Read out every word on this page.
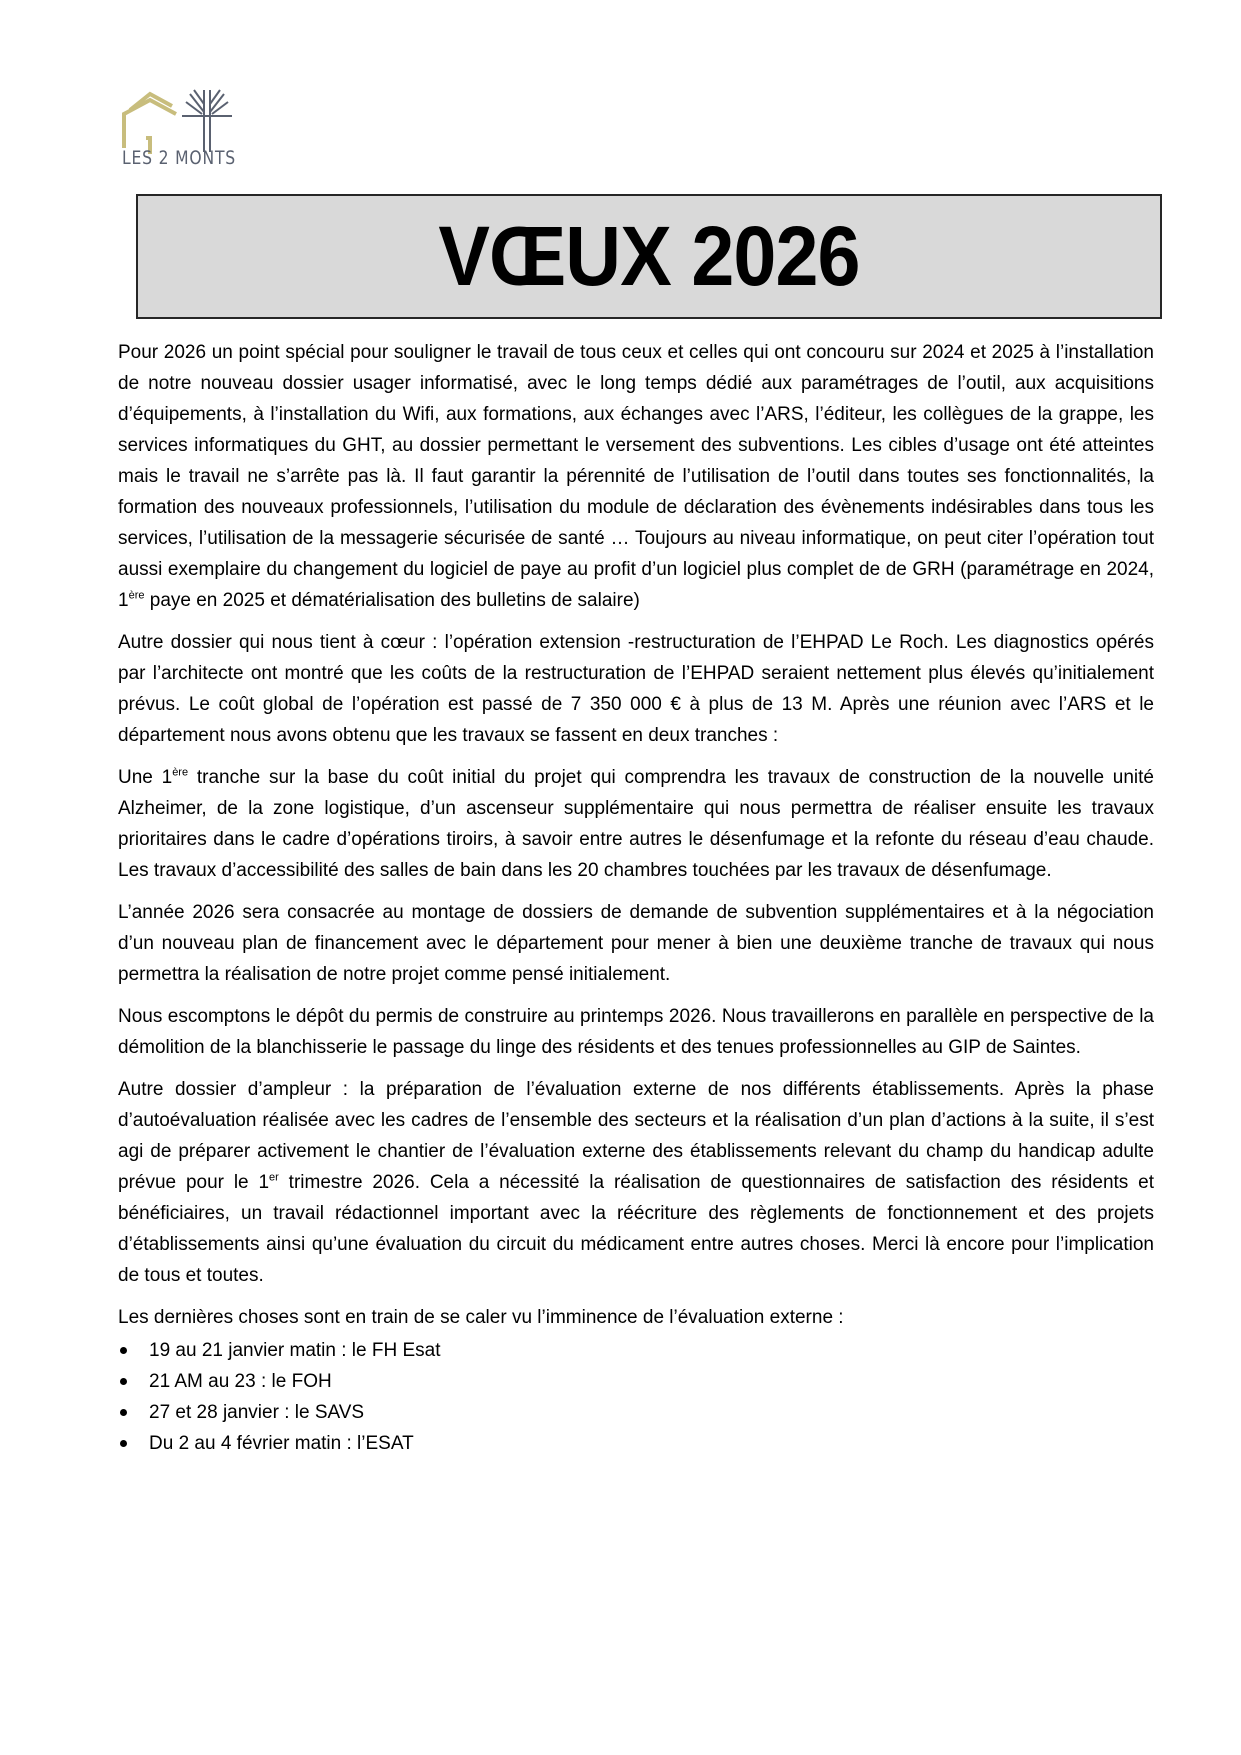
LES 2 MONTS
VŒUX 2026

Pour 2026 un point spécial pour souligner le travail de tous ceux et celles qui ont concouru sur 2024 et 2025 à l’installation de notre nouveau dossier usager informatisé, avec le long temps dédié aux paramétrages de l’outil, aux acquisitions d’équipements, à l’installation du Wifi, aux formations, aux échanges avec l’ARS, l’éditeur, les collègues de la grappe, les services informatiques du GHT, au dossier permettant le versement des subventions. Les cibles d’usage ont été atteintes mais le travail ne s’arrête pas là. Il faut garantir la pérennité de l’utilisation de l’outil dans toutes ses fonctionnalités, la formation des nouveaux professionnels, l’utilisation du module de déclaration des évènements indésirables dans tous les services, l’utilisation de la messagerie sécurisée de santé … Toujours au niveau informatique, on peut citer l’opération tout aussi exemplaire du changement du logiciel de paye au profit d’un logiciel plus complet de de GRH (paramétrage en 2024, 1ère paye en 2025 et dématérialisation des bulletins de salaire)

Autre dossier qui nous tient à cœur : l’opération extension -restructuration de l’EHPAD Le Roch. Les diagnostics opérés par l’architecte ont montré que les coûts de la restructuration de l’EHPAD seraient nettement plus élevés qu’initialement prévus. Le coût global de l’opération est passé de 7 350 000 € à plus de 13 M. Après une réunion avec l’ARS et le département nous avons obtenu que les travaux se fassent en deux tranches :

Une 1ère tranche sur la base du coût initial du projet qui comprendra les travaux de construction de la nouvelle unité Alzheimer, de la zone logistique, d’un ascenseur supplémentaire qui nous permettra de réaliser ensuite les travaux prioritaires dans le cadre d’opérations tiroirs, à savoir entre autres le désenfumage et la refonte du réseau d’eau chaude. Les travaux d’accessibilité des salles de bain dans les 20 chambres touchées par les travaux de désenfumage.

L’année 2026 sera consacrée au montage de dossiers de demande de subvention supplémentaires et à la négociation d’un nouveau plan de financement avec le département pour mener à bien une deuxième tranche de travaux qui nous permettra la réalisation de notre projet comme pensé initialement.

Nous escomptons le dépôt du permis de construire au printemps 2026. Nous travaillerons en parallèle en perspective de la démolition de la blanchisserie le passage du linge des résidents et des tenues professionnelles au GIP de Saintes.

Autre dossier d’ampleur : la préparation de l’évaluation externe de nos différents établissements. Après la phase d’autoévaluation réalisée avec les cadres de l’ensemble des secteurs et la réalisation d’un plan d’actions à la suite, il s’est agi de préparer activement le chantier de l’évaluation externe des établissements relevant du champ du handicap adulte prévue pour le 1er trimestre 2026. Cela a nécessité la réalisation de questionnaires de satisfaction des résidents et bénéficiaires, un travail rédactionnel important avec la réécriture des règlements de fonctionnement et des projets d’établissements ainsi qu’une évaluation du circuit du médicament entre autres choses. Merci là encore pour l’implication de tous et toutes.

Les dernières choses sont en train de se caler vu l’imminence de l’évaluation externe :

19 au 21 janvier matin : le FH Esat
21 AM au 23 : le FOH
27 et 28 janvier : le SAVS
Du 2 au 4 février matin : l’ESAT
